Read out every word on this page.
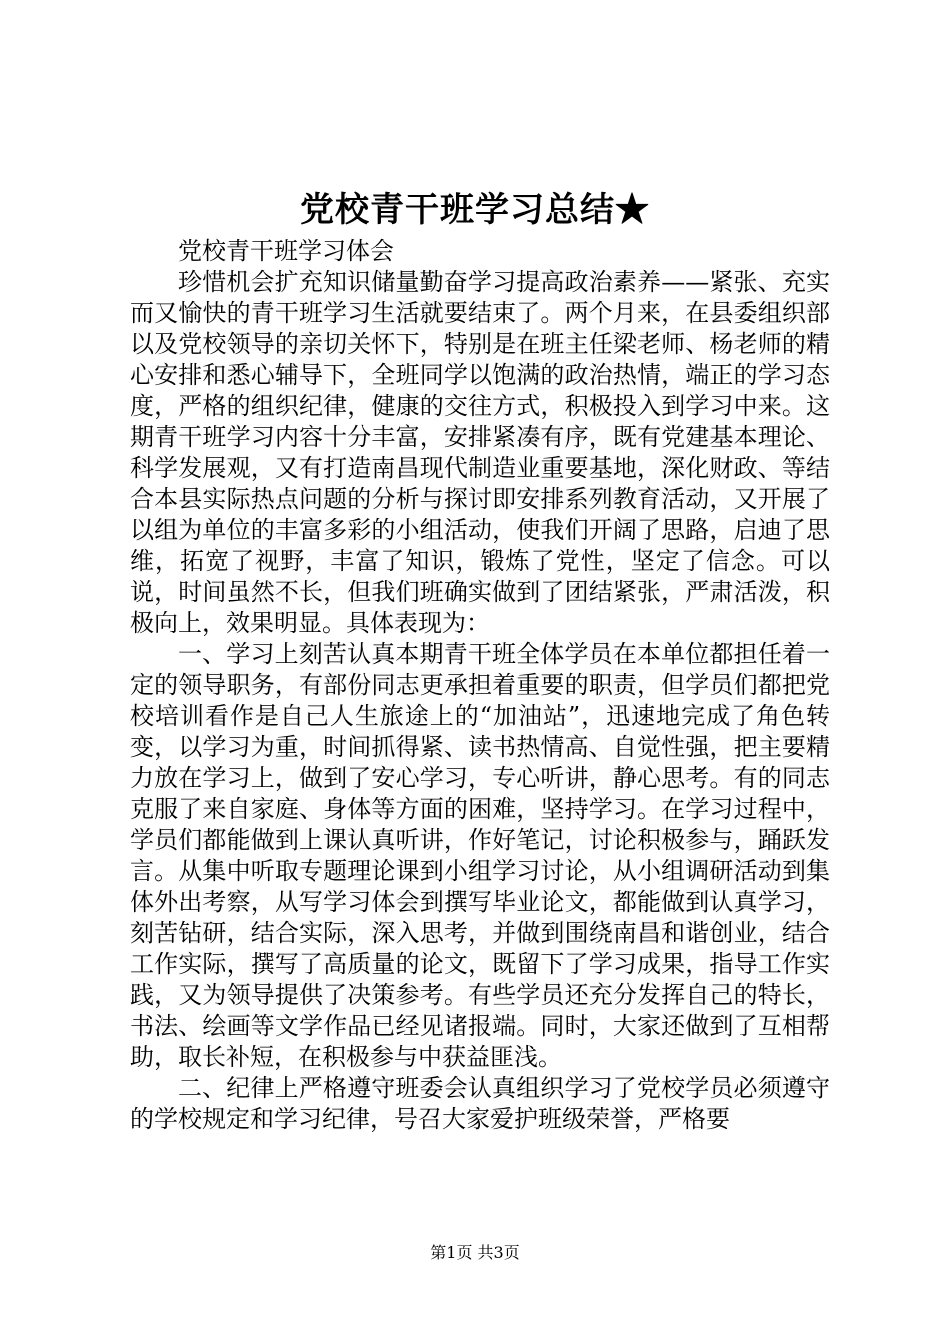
党校青干班学习总结★

党校青干班学习体会

珍惜机会扩充知识储量勤奋学习提高政治素养——紧张、充实而又愉快的青干班学习生活就要结束了。两个月来，在县委组织部以及党校领导的亲切关怀下，特别是在班主任梁老师、杨老师的精心安排和悉心辅导下，全班同学以饱满的政治热情，端正的学习态度，严格的组织纪律，健康的交往方式，积极投入到学习中来。这期青干班学习内容十分丰富，安排紧凑有序，既有党建基本理论、科学发展观，又有打造南昌现代制造业重要基地，深化财政、等结合本县实际热点问题的分析与探讨即安排系列教育活动，又开展了以组为单位的丰富多彩的小组活动，使我们开阔了思路，启迪了思维，拓宽了视野，丰富了知识，锻炼了党性，坚定了信念。可以说，时间虽然不长，但我们班确实做到了团结紧张，严肃活泼，积极向上，效果明显。具体表现为：

一、学习上刻苦认真本期青干班全体学员在本单位都担任着一定的领导职务，有部份同志更承担着重要的职责，但学员们都把党校培训看作是自己人生旅途上的“加油站”，迅速地完成了角色转变，以学习为重，时间抓得紧、读书热情高、自觉性强，把主要精力放在学习上，做到了安心学习，专心听讲，静心思考。有的同志克服了来自家庭、身体等方面的困难，坚持学习。在学习过程中，学员们都能做到上课认真听讲，作好笔记，讨论积极参与，踊跃发言。从集中听取专题理论课到小组学习讨论，从小组调研活动到集体外出考察，从写学习体会到撰写毕业论文，都能做到认真学习，刻苦钻研，结合实际，深入思考，并做到围绕南昌和谐创业，结合工作实际，撰写了高质量的论文，既留下了学习成果，指导工作实践，又为领导提供了决策参考。有些学员还充分发挥自己的特长，书法、绘画等文学作品已经见诸报端。同时，大家还做到了互相帮助，取长补短，在积极参与中获益匪浅。

二、纪律上严格遵守班委会认真组织学习了党校学员必须遵守的学校规定和学习纪律，号召大家爱护班级荣誉，严格要

第1页 共3页
